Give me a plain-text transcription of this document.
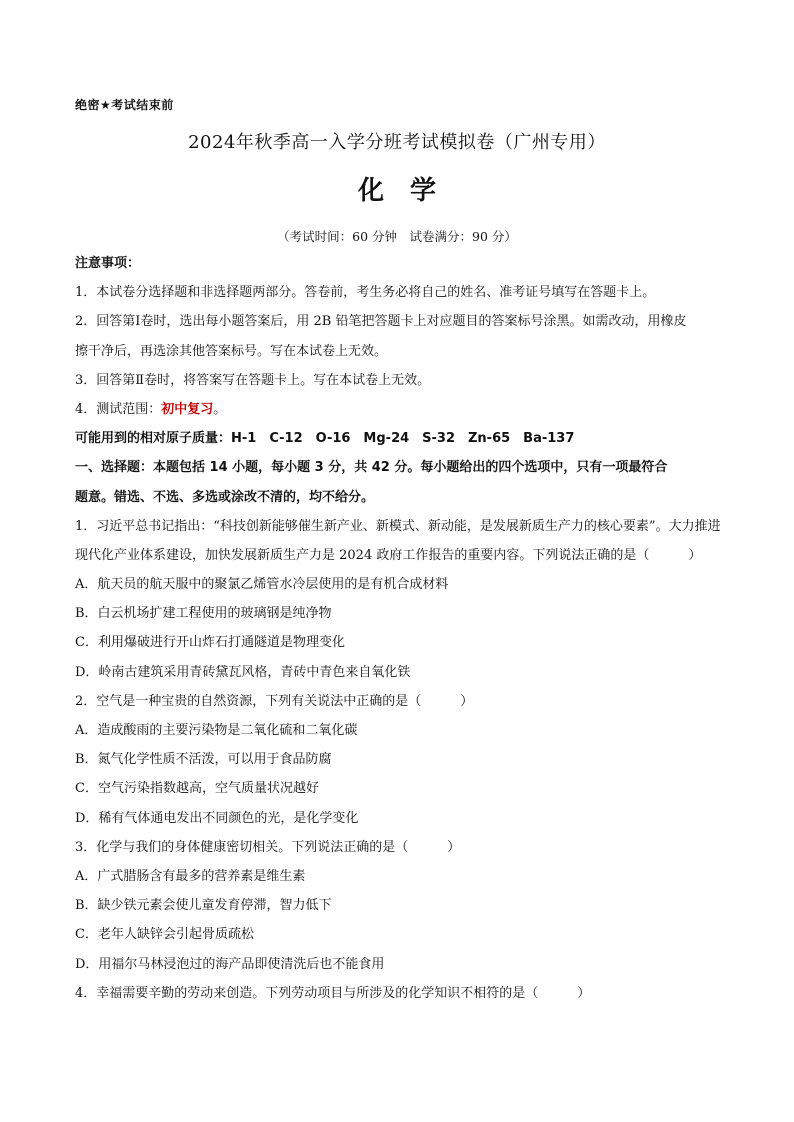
绝密★考试结束前
2024年秋季高一入学分班考试模拟卷（广州专用）
化学
（考试时间：60 分钟　试卷满分：90 分）
注意事项：
1．本试卷分选择题和非选择题两部分。答卷前，考生务必将自己的姓名、准考证号填写在答题卡上。
2．回答第Ⅰ卷时，选出每小题答案后，用 2B 铅笔把答题卡上对应题目的答案标号涂黑。如需改动，用橡皮
擦干净后，再选涂其他答案标号。写在本试卷上无效。
3．回答第Ⅱ卷时，将答案写在答题卡上。写在本试卷上无效。
4．测试范围：初中复习。
可能用到的相对原子质量：H-1　C-12　O-16　Mg-24　S-32　Zn-65　Ba-137
一、选择题：本题包括 14 小题，每小题 3 分，共 42 分。每小题给出的四个选项中，只有一项最符合
题意。错选、不选、多选或涂改不清的，均不给分。
1．习近平总书记指出：“科技创新能够催生新产业、新模式、新动能，是发展新质生产力的核心要素”。大力推进
现代化产业体系建设，加快发展新质生产力是 2024 政府工作报告的重要内容。下列说法正确的是（　　　）
A．航天员的航天服中的聚氯乙烯管水冷层使用的是有机合成材料
B．白云机场扩建工程使用的玻璃钢是纯净物
C．利用爆破进行开山炸石打通隧道是物理变化
D．岭南古建筑采用青砖黛瓦风格，青砖中青色来自氧化铁
2．空气是一种宝贵的自然资源，下列有关说法中正确的是（　　　）
A．造成酸雨的主要污染物是二氧化硫和二氧化碳
B．氮气化学性质不活泼，可以用于食品防腐
C．空气污染指数越高，空气质量状况越好
D．稀有气体通电发出不同颜色的光，是化学变化
3．化学与我们的身体健康密切相关。下列说法正确的是（　　　）
A．广式腊肠含有最多的营养素是维生素
B．缺少铁元素会使儿童发育停滞，智力低下
C．老年人缺锌会引起骨质疏松
D．用福尔马林浸泡过的海产品即使清洗后也不能食用
4．幸福需要辛勤的劳动来创造。下列劳动项目与所涉及的化学知识不相符的是（　　　）
